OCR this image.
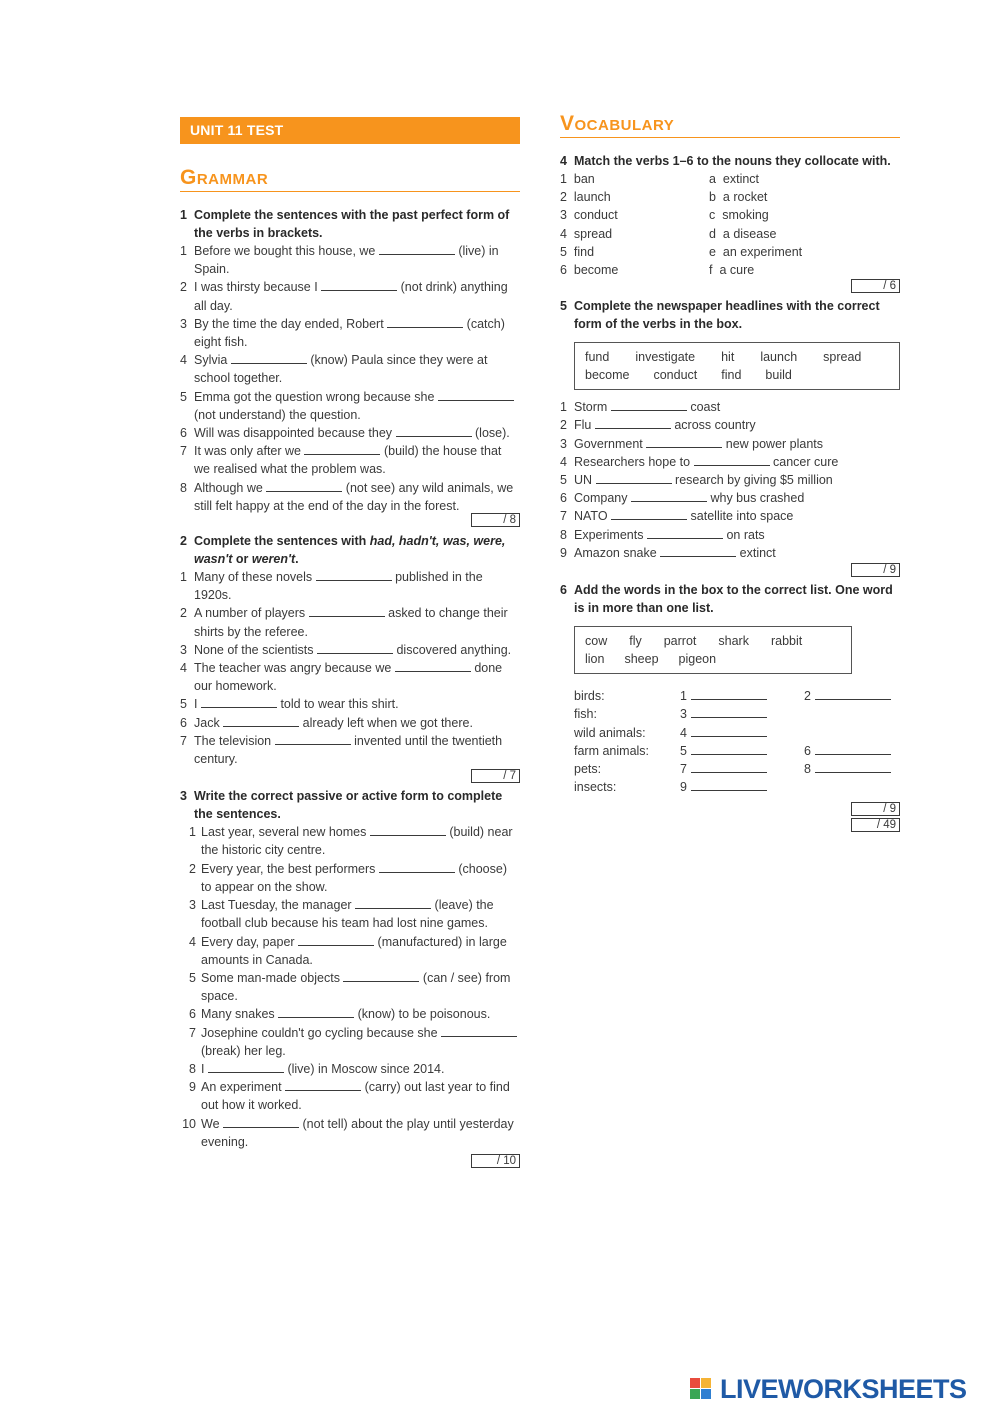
UNIT 11 TEST
Grammar
1 Complete the sentences with the past perfect form of the verbs in brackets.
1 Before we bought this house, we	(live) in Spain.
2 I was thirsty because I	(not drink) anything all day.
3 By the time the day ended, Robert	(catch) eight fish.
4 Sylvia	(know) Paula since they were at school together.
5 Emma got the question wrong because she  (not understand) the question.
6 Will was disappointed because they	(lose).
7 It was only after we	(build) the house that we realised what the problem was.
8 Although we	(not see) any wild animals, we still felt happy at the end of the day in the forest.
/ 8
2 Complete the sentences with had, hadn't, was, were, wasn't or weren't.
1 Many of these novels	published in the 1920s.
2 A number of players	asked to change their shirts by the referee.
3 None of the scientists	discovered anything.
4 The teacher was angry because we	done our homework.
5 I	told to wear this shirt.
6 Jack	already left when we got there.
7 The television	invented until the twentieth century.
/ 7
3 Write the correct passive or active form to complete the sentences.
1 Last year, several new homes	(build) near the historic city centre.
2 Every year, the best performers	(choose) to appear on the show.
3 Last Tuesday, the manager	(leave) the football club because his team had lost nine games.
4 Every day, paper	(manufactured) in large amounts in Canada.
5 Some man-made objects	(can / see) from space.
6 Many snakes	(know) to be poisonous.
7 Josephine couldn't go cycling because she  (break) her leg.
8 I	(live) in Moscow since 2014.
9 An experiment	(carry) out last year to find out how it worked.
10 We	(not tell) about the play until yesterday evening.
/ 10
Vocabulary
4 Match the verbs 1–6 to the nouns they collocate with.
1 ban	a extinct
2 launch	b a rocket
3 conduct	c smoking
4 spread	d a disease
5 find	e an experiment
6 become	f a cure
/ 6
5 Complete the newspaper headlines with the correct form of the verbs in the box.
fund investigate hit launch spread
become conduct find build
1 Storm	coast
2 Flu	across country
3 Government	new power plants
4 Researchers hope to	cancer cure
5 UN	research by giving $5 million
6 Company	why bus crashed
7 NATO	satellite into space
8 Experiments	on rats
9 Amazon snake	extinct
/ 9
6 Add the words in the box to the correct list. One word is in more than one list.
cow fly parrot shark rabbit
lion sheep pigeon
birds:	1	2
fish:	3
wild animals:	4
farm animals: 5	6
pets:	7	8
insects:	9
/ 9
/ 49
LIVEWORKSHEETS
